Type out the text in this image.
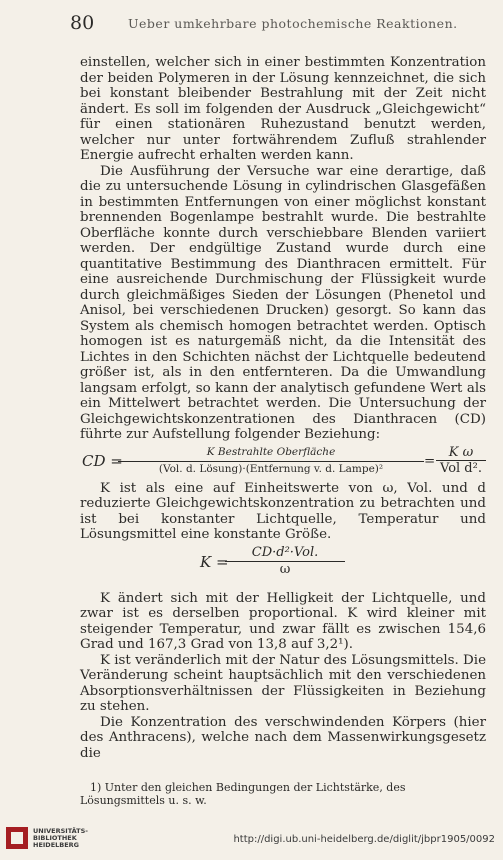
80	Ueber umkehrbare photochemische Reaktionen.

einstellen, welcher sich in einer bestimmten Konzentration der beiden Polymeren in der Lösung kennzeichnet, die sich bei konstant bleibender Bestrahlung mit der Zeit nicht ändert. Es soll im folgenden der Ausdruck „Gleichgewicht“ für einen stationären Ruhezustand benutzt werden, welcher nur unter fortwährendem Zufluß strahlender Energie aufrecht erhalten werden kann.

Die Ausführung der Versuche war eine derartige, daß die zu untersuchende Lösung in cylindrischen Glasgefäßen in bestimmten Entfernungen von einer möglichst konstant brennenden Bogenlampe bestrahlt wurde. Die bestrahlte Oberfläche konnte durch verschiebbare Blenden variiert werden. Der endgültige Zustand wurde durch eine quantitative Bestimmung des Dianthracen ermittelt. Für eine ausreichende Durchmischung der Flüssigkeit wurde durch gleichmäßiges Sieden der Lösungen (Phenetol und Anisol, bei verschiedenen Drucken) gesorgt. So kann das System als chemisch homogen betrachtet werden. Optisch homogen ist es naturgemäß nicht, da die Intensität des Lichtes in den Schichten nächst der Lichtquelle bedeutend größer ist, als in den entfernteren. Da die Umwandlung langsam erfolgt, so kann der analytisch gefundene Wert als ein Mittelwert betrachtet werden. Die Untersuchung der Gleichgewichtskonzentrationen des Dianthracen (CD) führte zur Aufstellung folgender Beziehung:

CD =	K Bestrahlte Oberfläche
(Vol. d. Lösung)·(Entfernung v. d. Lampe)²
=
K ω
Vol d².

K ist als eine auf Einheitswerte von ω, Vol. und d reduzierte Gleichgewichtskonzentration zu betrachten und ist bei konstanter Lichtquelle, Temperatur und Lösungsmittel eine konstante Größe.

K =
CD·d²·Vol.
ω

K ändert sich mit der Helligkeit der Lichtquelle, und zwar ist es derselben proportional. K wird kleiner mit steigender Temperatur, und zwar fällt es zwischen 154,6 Grad und 167,3 Grad von 13,8 auf 3,2¹).

K ist veränderlich mit der Natur des Lösungsmittels. Die Veränderung scheint hauptsächlich mit den verschiedenen Absorptionsverhältnissen der Flüssigkeiten in Beziehung zu stehen.

Die Konzentration des verschwindenden Körpers (hier des Anthracens), welche nach dem Massenwirkungsgesetz die

1) Unter den gleichen Bedingungen der Lichtstärke, des Lösungsmittels u. s. w.

UNIVERSITÄTS-
BIBLIOTHEK
HEIDELBERG	http://digi.ub.uni-heidelberg.de/diglit/jbpr1905/0092
